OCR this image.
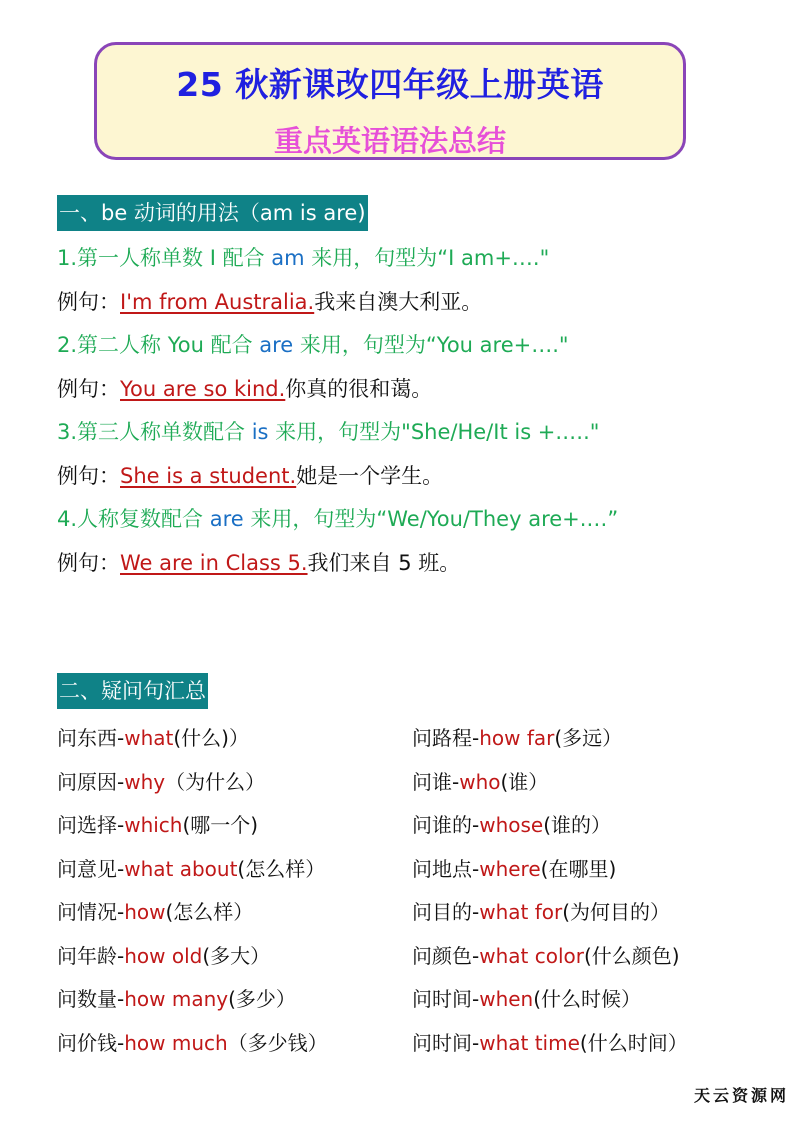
25 秋新课改四年级上册英语
重点英语语法总结
一、be 动词的用法（am is are)
1.第一人称单数 I 配合 am 来用，句型为“I am+…."
例句：I'm from Australia.我来自澳大利亚。
2.第二人称 You 配合 are 来用，句型为“You are+…."
例句：You are so kind.你真的很和蔼。
3.第三人称单数配合 is 来用，句型为"She/He/It is +.…."
例句：She is a student.她是一个学生。
4.人称复数配合 are 来用，句型为“We/You/They are+.…”
例句：We are in Class 5.我们来自 5 班。
二、疑问句汇总
问东西-what(什么)）
问原因-why（为什么）
问选择-which(哪一个)
问意见-what about(怎么样）
问情况-how(怎么样）
问年龄-how old(多大）
问数量-how many(多少）
问价钱-how much（多少钱）
问路程-how far(多远）
问谁-who(谁）
问谁的-whose(谁的）
问地点-where(在哪里)
问目的-what for(为何目的）
问颜色-what color(什么颜色)
问时间-when(什么时候）
问时间-what time(什么时间）
天云资源网
